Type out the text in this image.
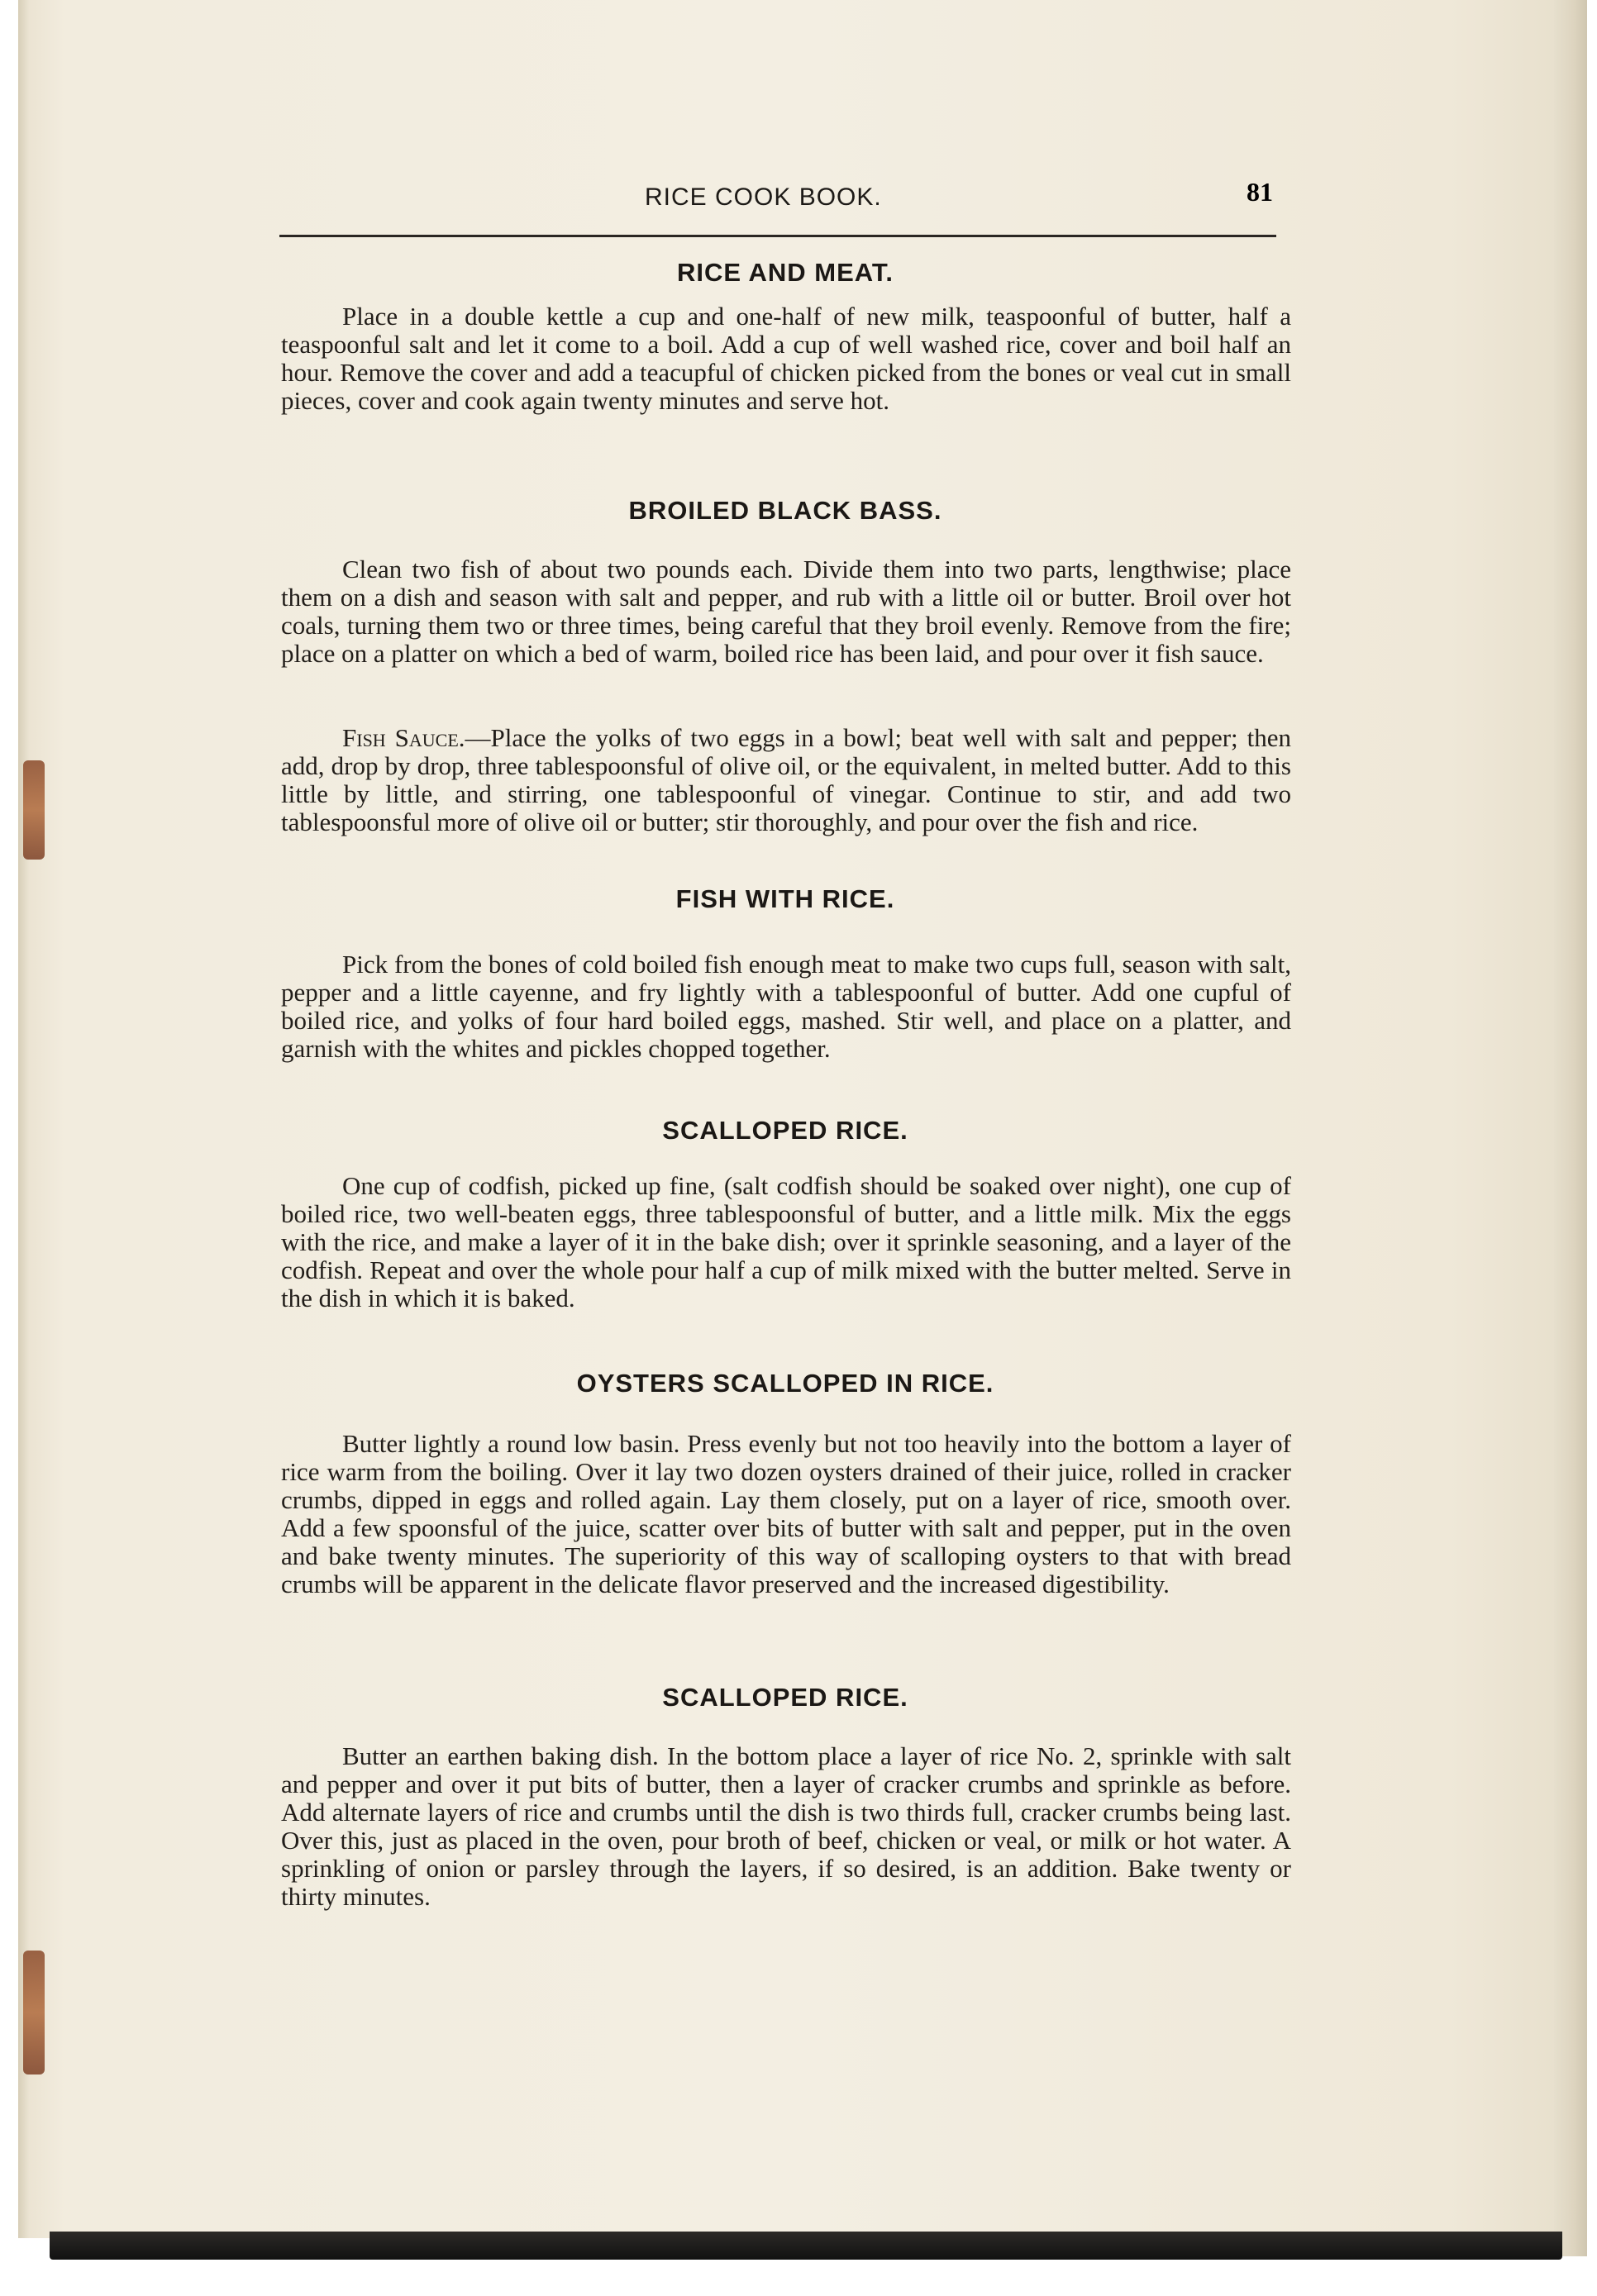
RICE COOK BOOK.	81
RICE AND MEAT.
Place in a double kettle a cup and one-half of new milk, teaspoonful of butter, half a teaspoonful salt and let it come to a boil. Add a cup of well washed rice, cover and boil half an hour. Remove the cover and add a teacupful of chicken picked from the bones or veal cut in small pieces, cover and cook again twenty minutes and serve hot.
BROILED BLACK BASS.
Clean two fish of about two pounds each. Divide them into two parts, lengthwise; place them on a dish and season with salt and pepper, and rub with a little oil or butter. Broil over hot coals, turning them two or three times, being careful that they broil evenly. Remove from the fire; place on a platter on which a bed of warm, boiled rice has been laid, and pour over it fish sauce.
Fish Sauce.—Place the yolks of two eggs in a bowl; beat well with salt and pepper; then add, drop by drop, three tablespoonsful of olive oil, or the equivalent, in melted butter. Add to this little by little, and stirring, one tablespoonful of vinegar. Continue to stir, and add two tablespoonsful more of olive oil or butter; stir thoroughly, and pour over the fish and rice.
FISH WITH RICE.
Pick from the bones of cold boiled fish enough meat to make two cups full, season with salt, pepper and a little cayenne, and fry lightly with a tablespoonful of butter. Add one cupful of boiled rice, and yolks of four hard boiled eggs, mashed. Stir well, and place on a platter, and garnish with the whites and pickles chopped together.
SCALLOPED RICE.
One cup of codfish, picked up fine, (salt codfish should be soaked over night), one cup of boiled rice, two well-beaten eggs, three tablespoonsful of butter, and a little milk. Mix the eggs with the rice, and make a layer of it in the bake dish; over it sprinkle seasoning, and a layer of the codfish. Repeat and over the whole pour half a cup of milk mixed with the butter melted. Serve in the dish in which it is baked.
OYSTERS SCALLOPED IN RICE.
Butter lightly a round low basin. Press evenly but not too heavily into the bottom a layer of rice warm from the boiling. Over it lay two dozen oysters drained of their juice, rolled in cracker crumbs, dipped in eggs and rolled again. Lay them closely, put on a layer of rice, smooth over. Add a few spoonsful of the juice, scatter over bits of butter with salt and pepper, put in the oven and bake twenty minutes. The superiority of this way of scalloping oysters to that with bread crumbs will be apparent in the delicate flavor preserved and the increased digestibility.
SCALLOPED RICE.
Butter an earthen baking dish. In the bottom place a layer of rice No. 2, sprinkle with salt and pepper and over it put bits of butter, then a layer of cracker crumbs and sprinkle as before. Add alternate layers of rice and crumbs until the dish is two thirds full, cracker crumbs being last. Over this, just as placed in the oven, pour broth of beef, chicken or veal, or milk or hot water. A sprinkling of onion or parsley through the layers, if so desired, is an addition. Bake twenty or thirty minutes.
